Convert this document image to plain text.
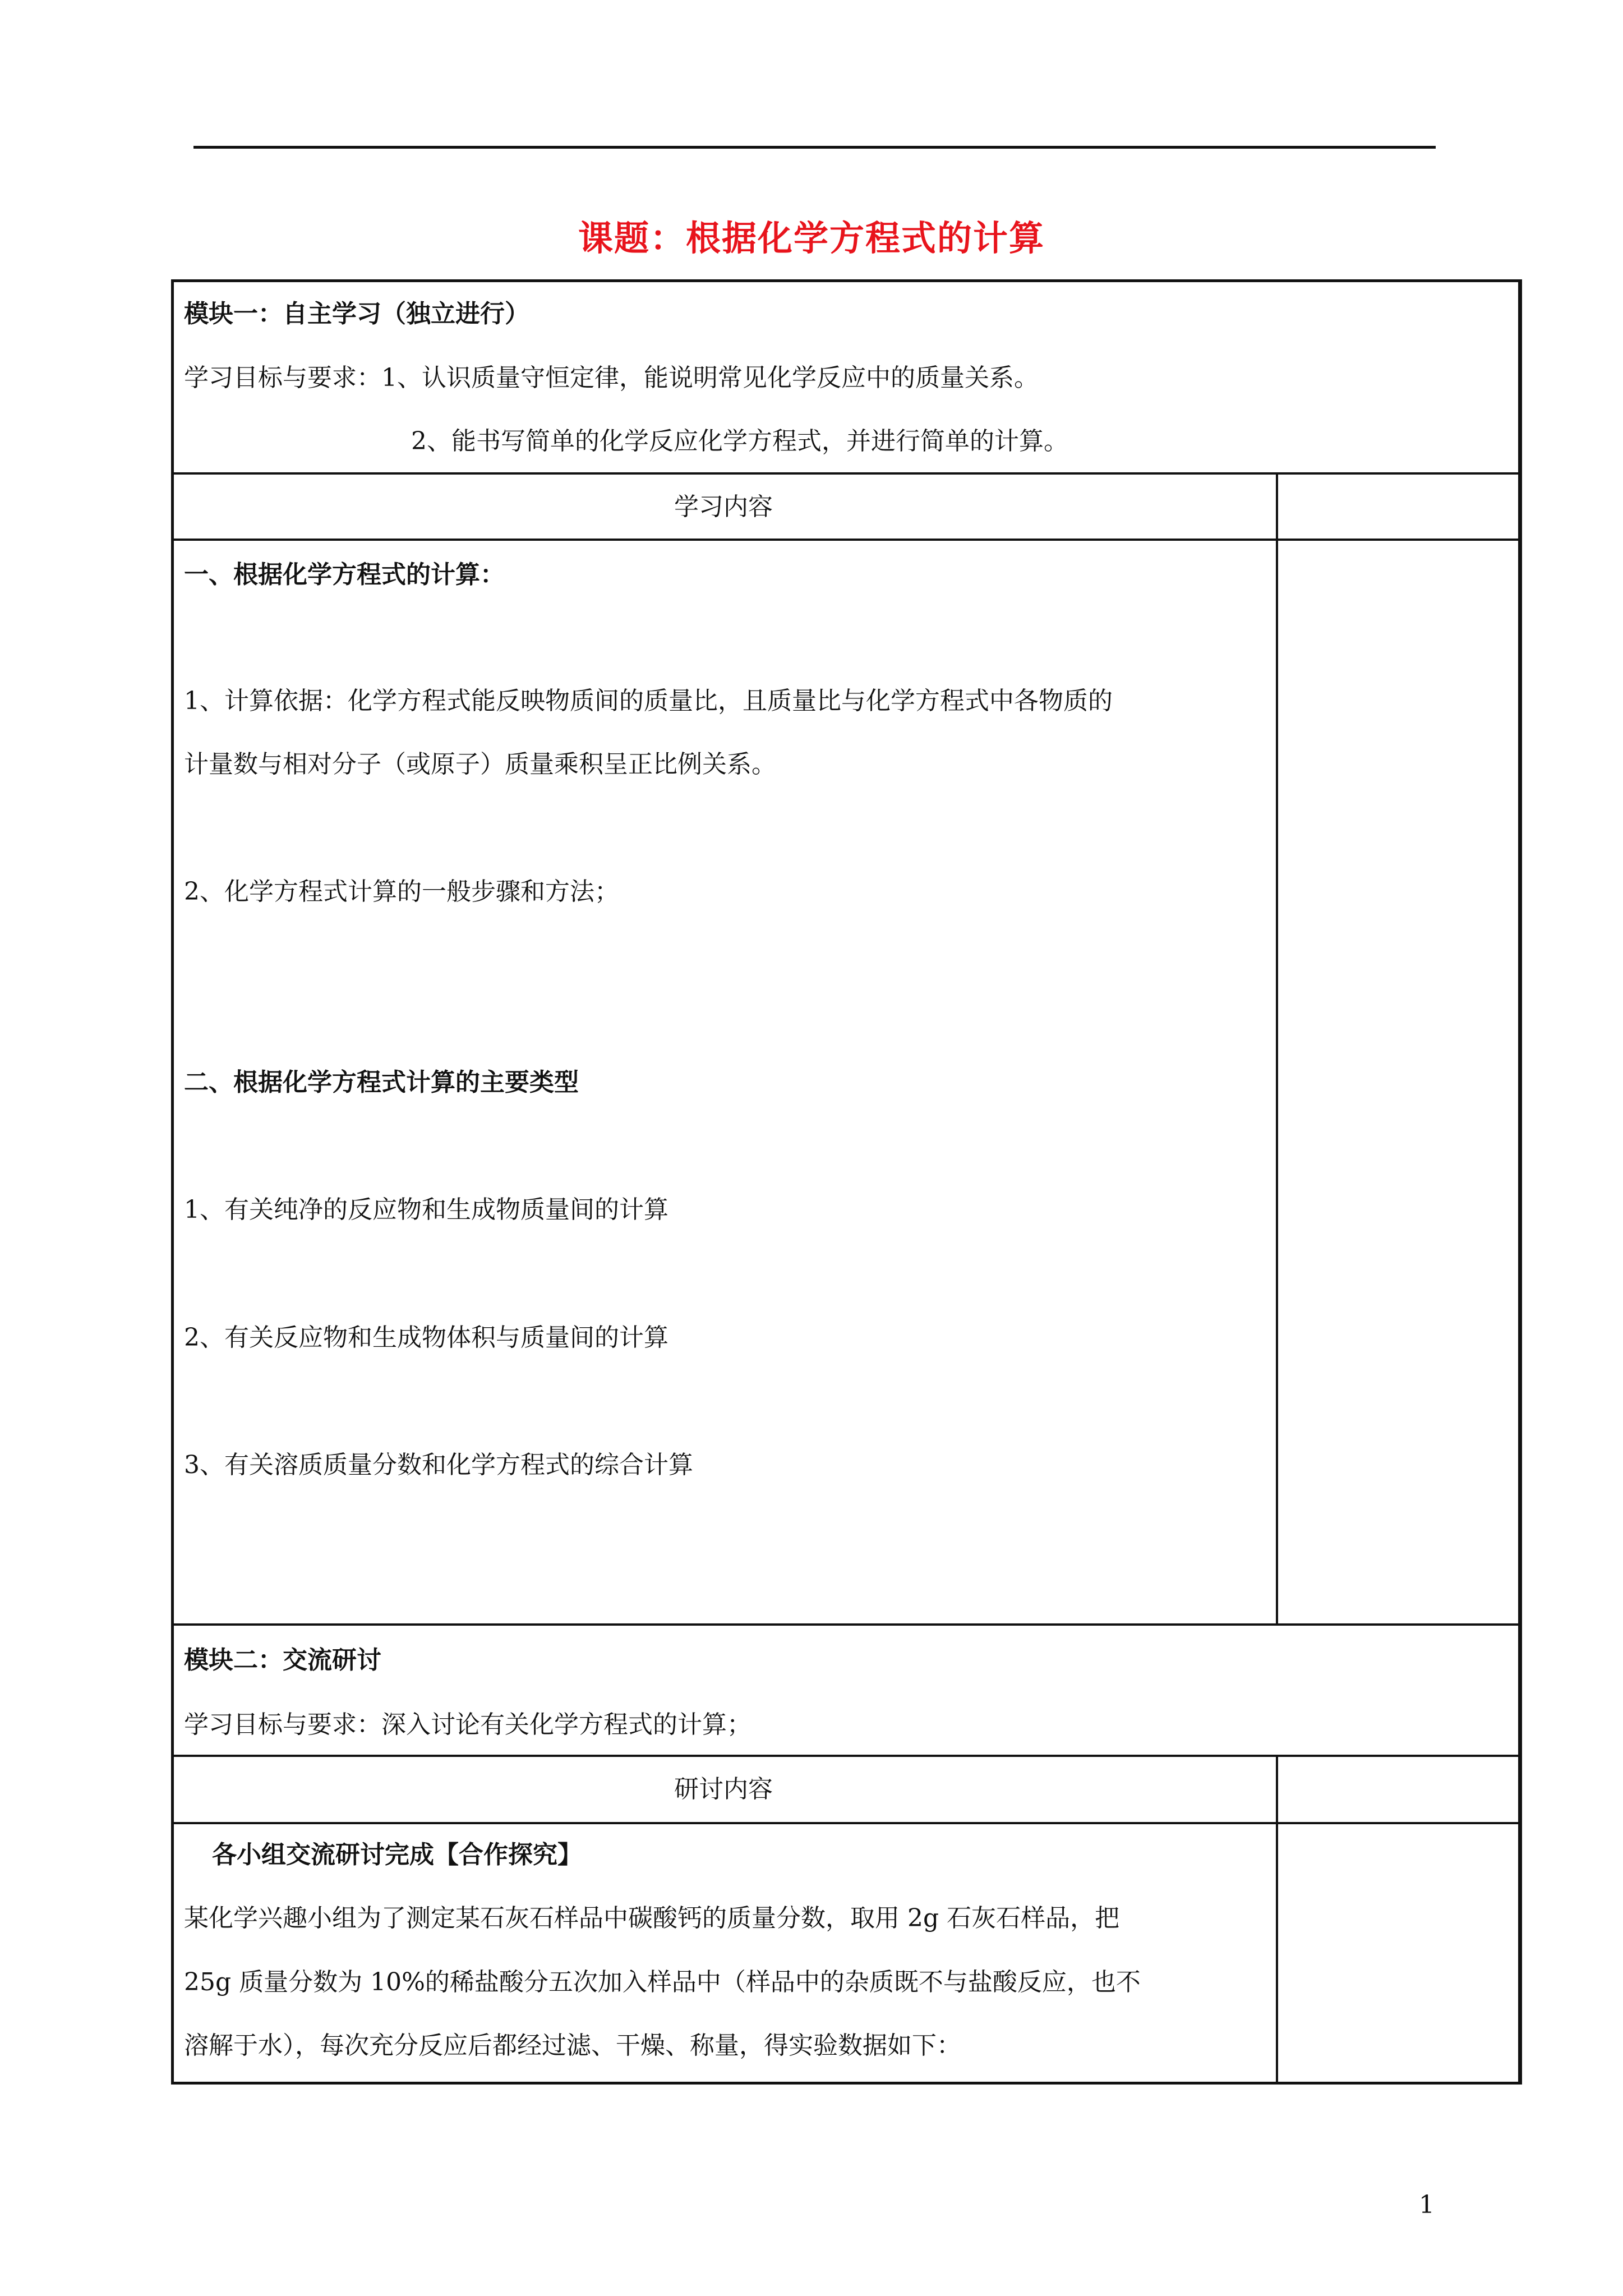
课题：根据化学方程式的计算
模块一：自主学习（独立进行）
学习目标与要求：1、认识质量守恒定律，能说明常见化学反应中的质量关系。
2、能书写简单的化学反应化学方程式，并进行简单的计算。
学习内容
一、根据化学方程式的计算：
1、计算依据：化学方程式能反映物质间的质量比，且质量比与化学方程式中各物质的
计量数与相对分子（或原子）质量乘积呈正比例关系。
2、化学方程式计算的一般步骤和方法；
二、根据化学方程式计算的主要类型
1、有关纯净的反应物和生成物质量间的计算
2、有关反应物和生成物体积与质量间的计算
3、有关溶质质量分数和化学方程式的综合计算
模块二：交流研讨
学习目标与要求：深入讨论有关化学方程式的计算；
研讨内容
各小组交流研讨完成【合作探究】
某化学兴趣小组为了测定某石灰石样品中碳酸钙的质量分数，取用 2g 石灰石样品，把
25g 质量分数为 10%的稀盐酸分五次加入样品中（样品中的杂质既不与盐酸反应，也不
溶解于水），每次充分反应后都经过滤、干燥、称量，得实验数据如下：
1
